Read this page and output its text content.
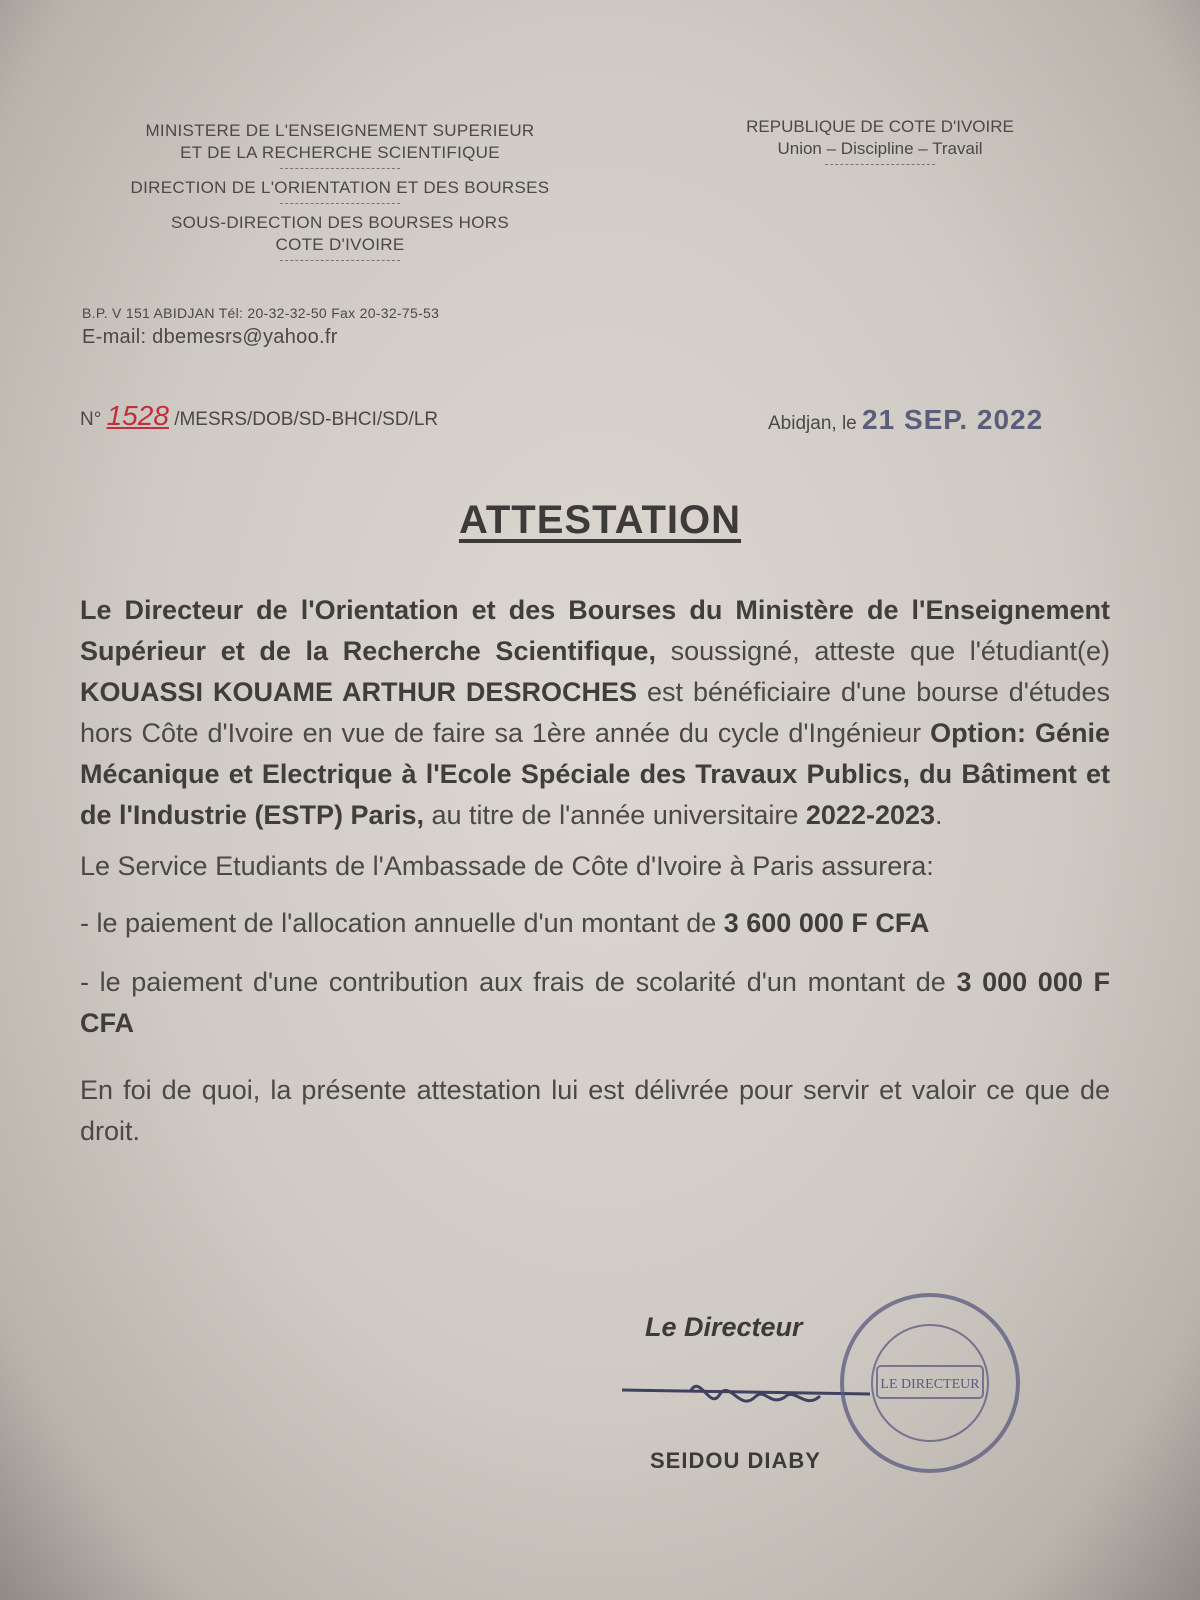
MINISTERE DE L'ENSEIGNEMENT SUPERIEUR
ET DE LA RECHERCHE SCIENTIFIQUE
DIRECTION DE L'ORIENTATION ET DES BOURSES
SOUS-DIRECTION DES BOURSES HORS
COTE D'IVOIRE
B.P. V 151 ABIDJAN Tél: 20-32-32-50 Fax 20-32-75-53
E-mail: dbemesrs@yahoo.fr
REPUBLIQUE DE COTE D'IVOIRE
Union – Discipline – Travail
N° 1528 /MESRS/DOB/SD-BHCI/SD/LR	Abidjan, le 21 SEP. 2022
ATTESTATION

Le Directeur de l'Orientation et des Bourses du Ministère de l'Enseignement Supérieur et de la Recherche Scientifique, soussigné, atteste que l'étudiant(e) KOUASSI KOUAME ARTHUR DESROCHES est bénéficiaire d'une bourse d'études hors Côte d'Ivoire en vue de faire sa 1ère année du cycle d'Ingénieur Option: Génie Mécanique et Electrique à l'Ecole Spéciale des Travaux Publics, du Bâtiment et de l'Industrie (ESTP) Paris, au titre de l'année universitaire 2022-2023.

Le Service Etudiants de l'Ambassade de Côte d'Ivoire à Paris assurera:

- le paiement de l'allocation annuelle d'un montant de 3 600 000 F CFA

- le paiement d'une contribution aux frais de scolarité d'un montant de 3 000 000 F CFA

En foi de quoi, la présente attestation lui est délivrée pour servir et valoir ce que de droit.

Le Directeur
LE DIRECTEUR
SEIDOU DIABY
